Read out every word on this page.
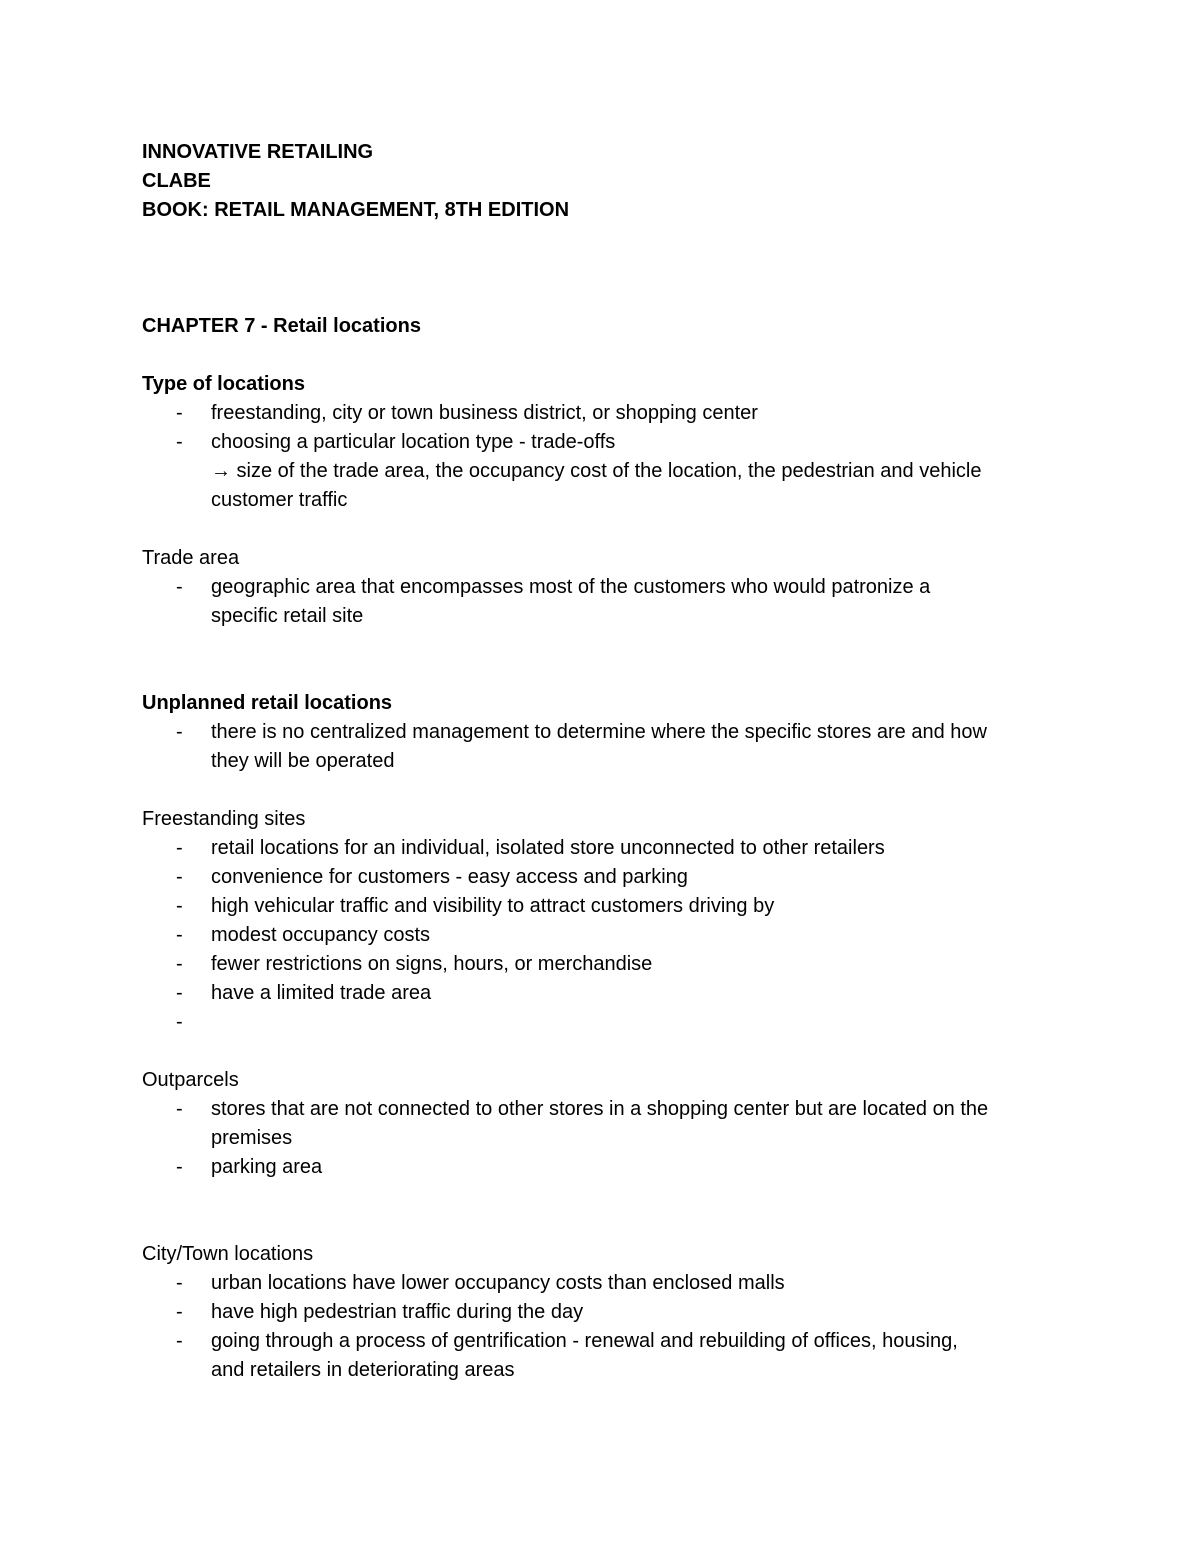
INNOVATIVE RETAILING
CLABE
BOOK: RETAIL MANAGEMENT, 8TH EDITION
CHAPTER 7 - Retail locations
Type of locations
- freestanding, city or town business district, or shopping center
- choosing a particular location type - trade-offs
→ size of the trade area, the occupancy cost of the location, the pedestrian and vehicle
customer traffic
Trade area
- geographic area that encompasses most of the customers who would patronize a
specific retail site
Unplanned retail locations
- there is no centralized management to determine where the specific stores are and how
they will be operated
Freestanding sites
- retail locations for an individual, isolated store unconnected to other retailers
- convenience for customers - easy access and parking
- high vehicular traffic and visibility to attract customers driving by
- modest occupancy costs
- fewer restrictions on signs, hours, or merchandise
- have a limited trade area
-
Outparcels
- stores that are not connected to other stores in a shopping center but are located on the
premises
- parking area
City/Town locations
- urban locations have lower occupancy costs than enclosed malls
- have high pedestrian traffic during the day
- going through a process of gentrification - renewal and rebuilding of offices, housing,
and retailers in deteriorating areas
